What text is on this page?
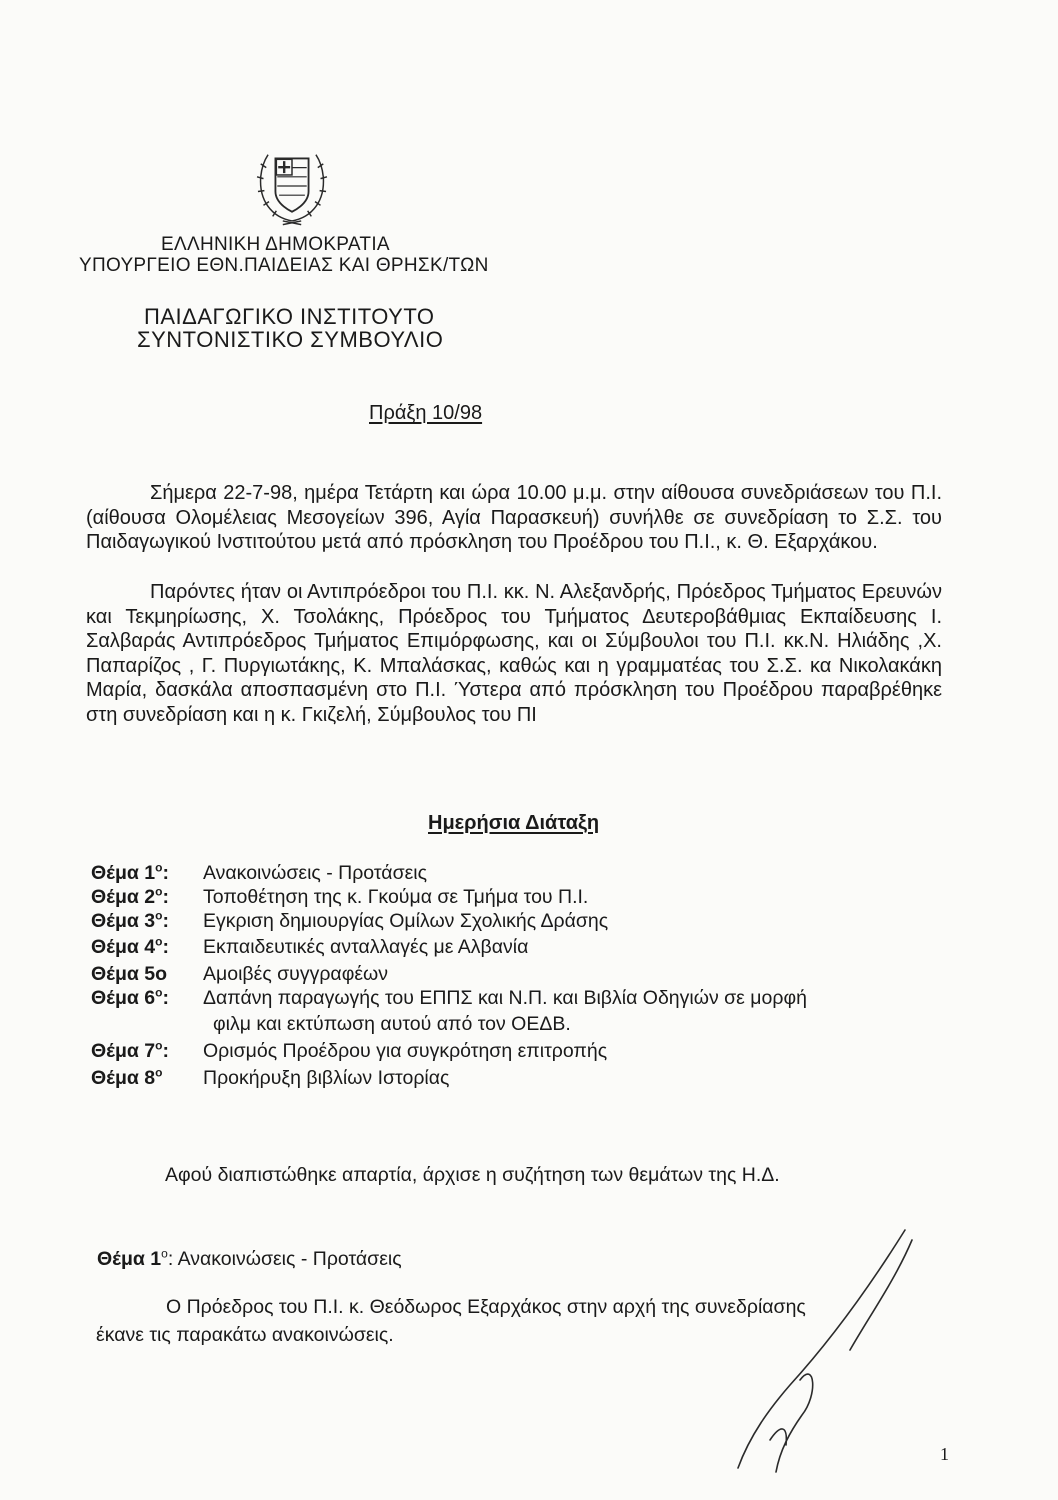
ΕΛΛΗΝΙΚΗ ΔΗΜΟΚΡΑΤΙΑ
ΥΠΟΥΡΓΕΙΟ ΕΘΝ.ΠΑΙΔΕΙΑΣ ΚΑΙ ΘΡΗΣΚ/ΤΩΝ
ΠΑΙΔΑΓΩΓΙΚΟ ΙΝΣΤΙΤΟΥΤΟ
ΣΥΝΤΟΝΙΣΤΙΚΟ ΣΥΜΒΟΥΛΙΟ
Πράξη 10/98
Σήμερα 22-7-98, ημέρα Τετάρτη και ώρα 10.00 μ.μ. στην αίθουσα συνεδριάσεων του Π.Ι. (αίθουσα Ολομέλειας Μεσογείων 396, Αγία Παρασκευή) συνήλθε σε συνεδρίαση το Σ.Σ. του Παιδαγωγικού Ινστιτούτου μετά από πρόσκληση του Προέδρου του Π.Ι., κ. Θ. Εξαρχάκου.
Παρόντες ήταν οι Αντιπρόεδροι του Π.Ι. κκ. Ν. Αλεξανδρής, Πρόεδρος Τμήματος Ερευνών και Τεκμηρίωσης, Χ. Τσολάκης, Πρόεδρος του Τμήματος Δευτεροβάθμιας Εκπαίδευσης Ι. Σαλβαράς Αντιπρόεδρος Τμήματος Επιμόρφωσης, και οι Σύμβουλοι του Π.Ι. κκ.Ν. Ηλιάδης ,Χ. Παπαρίζος , Γ. Πυργιωτάκης, Κ. Μπαλάσκας, καθώς και η γραμματέας του Σ.Σ. κα Νικολακάκη Μαρία, δασκάλα αποσπασμένη στο Π.Ι. Ύστερα από πρόσκληση του Προέδρου παραβρέθηκε στη συνεδρίαση και η κ. Γκιζελή, Σύμβουλος του ΠΙ
Ημερήσια Διάταξη
Θέμα $1^o$: Ανακοινώσεις - Προτάσεις
Θέμα $2^o$: Τοποθέτηση της κ. Γκούμα σε Τμήμα του Π.Ι.
Θέμα $3^o$: Εγκριση δημιουργίας Ομίλων Σχολικής Δράσης
Θέμα $4^o$: Εκπαιδευτικές ανταλλαγές με Αλβανία
Θέμα 5ο Αμοιβές συγγραφέων
Θέμα $6^o$: Δαπάνη παραγωγής του ΕΠΠΣ και Ν.Π. και Βιβλία Οδηγιών σε μορφή
φιλμ και εκτύπωση αυτού από τον ΟΕΔΒ.
Θέμα $7^o$: Ορισμός Προέδρου για συγκρότηση επιτροπής
Θέμα $8^o$ Προκήρυξη βιβλίων Ιστορίας
Αφού διαπιστώθηκε απαρτία, άρχισε η συζήτηση των θεμάτων της Η.Δ.
Θέμα $1^o$: Ανακοινώσεις - Προτάσεις
Ο Πρόεδρος του Π.Ι. κ. Θεόδωρος Εξαρχάκος στην αρχή της συνεδρίασης
έκανε τις παρακάτω ανακοινώσεις.
1
